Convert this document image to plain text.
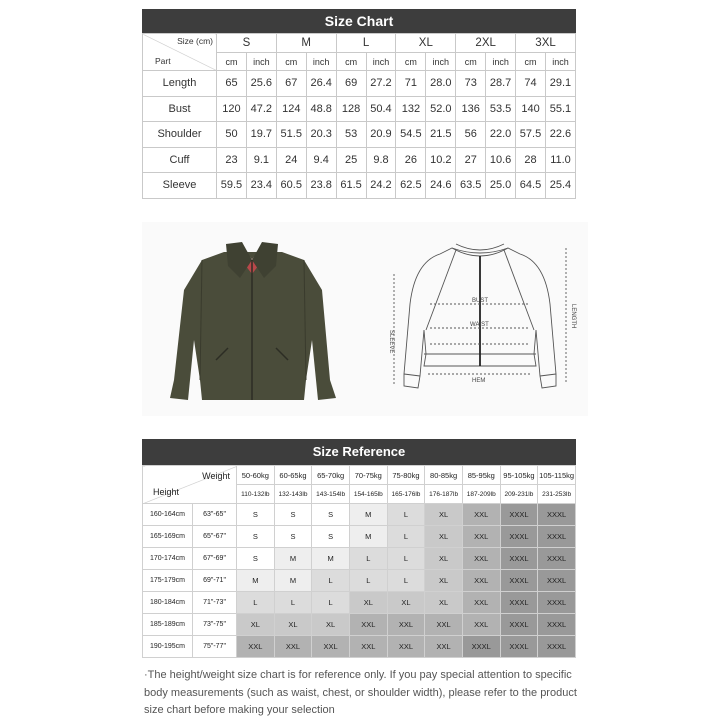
Size Chart
Size (cm)
Part	S		M		L		XL		2XL		3XL	
	cm	inch	cm	inch	cm	inch	cm	inch	cm	inch	cm	inch
Length	65	25.6	67	26.4	69	27.2	71	28.0	73	28.7	74	29.1
Bust	120	47.2	124	48.8	128	50.4	132	52.0	136	53.5	140	55.1
Shoulder	50	19.7	51.5	20.3	53	20.9	54.5	21.5	56	22.0	57.5	22.6
Cuff	23	9.1	24	9.4	25	9.8	26	10.2	27	10.6	28	11.0
Sleeve	59.5	23.4	60.5	23.8	61.5	24.2	62.5	24.6	63.5	25.0	64.5	25.4
BUST
WAIST
HEM
LENGTH
SLEEVE
Size Reference
Weight
Height		50-60kg	60-65kg	65-70kg	70-75kg	75-80kg	80-85kg	85-95kg	95-105kg	105-115kg
		110-132lb	132-143lb	143-154lb	154-165lb	165-176lb	176-187lb	187-209lb	209-231lb	231-253lb
160-164cm	63"-65"	S	S	S	M	L	XL	XXL	XXXL	XXXL
165-169cm	65"-67"	S	S	S	M	L	XL	XXL	XXXL	XXXL
170-174cm	67"-69"	S	M	M	L	L	XL	XXL	XXXL	XXXL
175-179cm	69"-71"	M	M	L	L	L	XL	XXL	XXXL	XXXL
180-184cm	71"-73"	L	L	L	XL	XL	XL	XXL	XXXL	XXXL
185-189cm	73"-75"	XL	XL	XL	XXL	XXL	XXL	XXL	XXXL	XXXL
190-195cm	75"-77"	XXL	XXL	XXL	XXL	XXL	XXL	XXXL	XXXL	XXXL
·The height/weight size chart is for reference only. If you pay special attention to specific body measurements (such as waist, chest, or shoulder width), please refer to the product size chart before making your selection
